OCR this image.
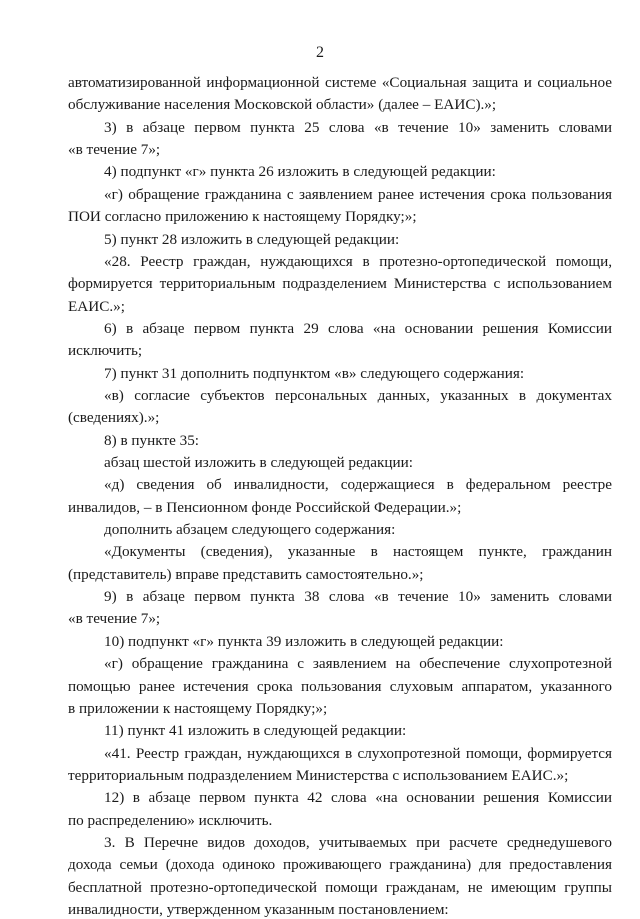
2
автоматизированной информационной системе «Социальная защита и социальное
обслуживание населения Московской области» (далее – ЕАИС).»;
3) в абзаце первом пункта 25 слова «в течение 10» заменить словами
«в течение 7»;
4) подпункт «г» пункта 26 изложить в следующей редакции:
«г) обращение гражданина с заявлением ранее истечения срока пользования
ПОИ согласно приложению к настоящему Порядку;»;
5) пункт 28 изложить в следующей редакции:
«28. Реестр граждан, нуждающихся в протезно-ортопедической помощи,
формируется территориальным подразделением Министерства с использованием
ЕАИС.»;
6) в абзаце первом пункта 29 слова «на основании решения Комиссии
исключить;
7) пункт 31 дополнить подпунктом «в» следующего содержания:
«в) согласие субъектов персональных данных, указанных в документах
(сведениях).»;
8) в пункте 35:
абзац шестой изложить в следующей редакции:
«д) сведения об инвалидности, содержащиеся в федеральном реестре
инвалидов, – в Пенсионном фонде Российской Федерации.»;
дополнить абзацем следующего содержания:
«Документы (сведения), указанные в настоящем пункте, гражданин
(представитель) вправе представить самостоятельно.»;
9) в абзаце первом пункта 38 слова «в течение 10» заменить словами
«в течение 7»;
10) подпункт «г» пункта 39 изложить в следующей редакции:
«г) обращение гражданина с заявлением на обеспечение слухопротезной
помощью ранее истечения срока пользования слуховым аппаратом, указанного
в приложении к настоящему Порядку;»;
11) пункт 41 изложить в следующей редакции:
«41. Реестр граждан, нуждающихся в слухопротезной помощи, формируется
территориальным подразделением Министерства с использованием ЕАИС.»;
12) в абзаце первом пункта 42 слова «на основании решения Комиссии
по распределению» исключить.
3. В Перечне видов доходов, учитываемых при расчете среднедушевого
дохода семьи (дохода одиноко проживающего гражданина) для предоставления
бесплатной протезно-ортопедической помощи гражданам, не имеющим группы
инвалидности, утвержденном указанным постановлением:
